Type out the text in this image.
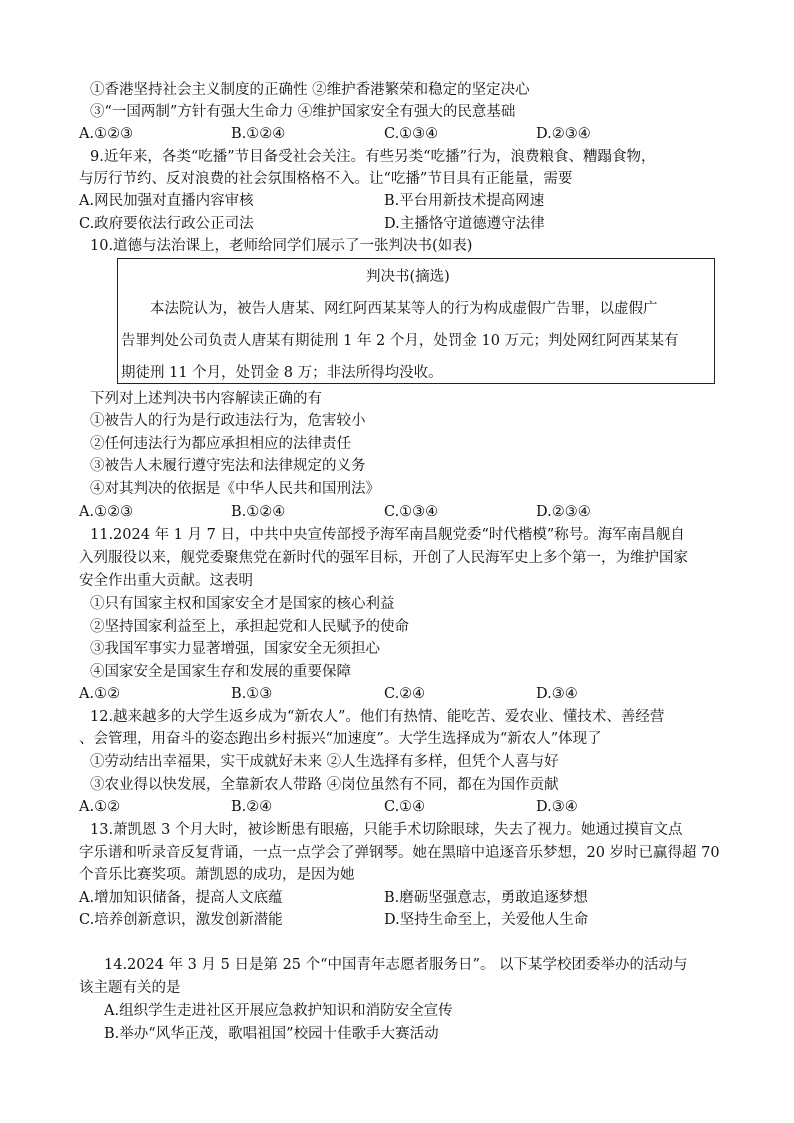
①香港坚持社会主义制度的正确性 ②维护香港繁荣和稳定的坚定决心
③“一国两制”方针有强大生命力 ④维护国家安全有强大的民意基础
A.①②③	B.①②④	C.①③④	D.②③④
9.近年来，各类“吃播”节目备受社会关注。有些另类“吃播”行为，浪费粮食、糟蹋食物，
与厉行节约、反对浪费的社会氛围格格不入。让“吃播”节目具有正能量，需要
A.网民加强对直播内容审核	B.平台用新技术提高网速
C.政府要依法行政公正司法	D.主播恪守道德遵守法律
10.道德与法治课上，老师给同学们展示了一张判决书(如表)
判决书(摘选)
本法院认为，被告人唐某、网红阿西某某等人的行为构成虚假广告罪，以虚假广
告罪判处公司负责人唐某有期徒刑 1 年 2 个月，处罚金 10 万元；判处网红阿西某某有
期徒刑 11 个月，处罚金 8 万；非法所得均没收。
下列对上述判决书内容解读正确的有
①被告人的行为是行政违法行为，危害较小
②任何违法行为都应承担相应的法律责任
③被告人未履行遵守宪法和法律规定的义务
④对其判决的依据是《中华人民共和国刑法》
A.①②③	B.①②④	C.①③④	D.②③④
11.2024 年 1 月 7 日，中共中央宣传部授予海军南昌舰党委“时代楷模”称号。海军南昌舰自
入列服役以来，舰党委聚焦党在新时代的强军目标，开创了人民海军史上多个第一，为维护国家
安全作出重大贡献。这表明
①只有国家主权和国家安全才是国家的核心利益
②坚持国家利益至上，承担起党和人民赋予的使命
③我国军事实力显著增强，国家安全无须担心
④国家安全是国家生存和发展的重要保障
A.①②	B.①③	C.②④	D.③④
12.越来越多的大学生返乡成为“新农人”。他们有热情、能吃苦、爱农业、懂技术、善经营
、会管理，用奋斗的姿态跑出乡村振兴“加速度”。大学生选择成为“新农人”体现了
①劳动结出幸福果，实干成就好未来 ②人生选择有多样，但凭个人喜与好
③农业得以快发展，全靠新农人带路 ④岗位虽然有不同，都在为国作贡献
A.①②	B.②④	C.①④	D.③④
13.萧凯恩 3 个月大时，被诊断患有眼癌，只能手术切除眼球，失去了视力。她通过摸盲文点
字乐谱和听录音反复背诵，一点一点学会了弹钢琴。她在黑暗中追逐音乐梦想，20 岁时已赢得超 70
个音乐比赛奖项。萧凯恩的成功，是因为她
A.增加知识储备，提高人文底蕴	B.磨砺坚强意志，勇敢追逐梦想
C.培养创新意识，激发创新潜能	D.坚持生命至上，关爱他人生命
14.2024 年 3 月 5 日是第 25 个“中国青年志愿者服务日”。 以下某学校团委举办的活动与
该主题有关的是
A.组织学生走进社区开展应急救护知识和消防安全宣传
B.举办“风华正茂，歌唱祖国”校园十佳歌手大赛活动
